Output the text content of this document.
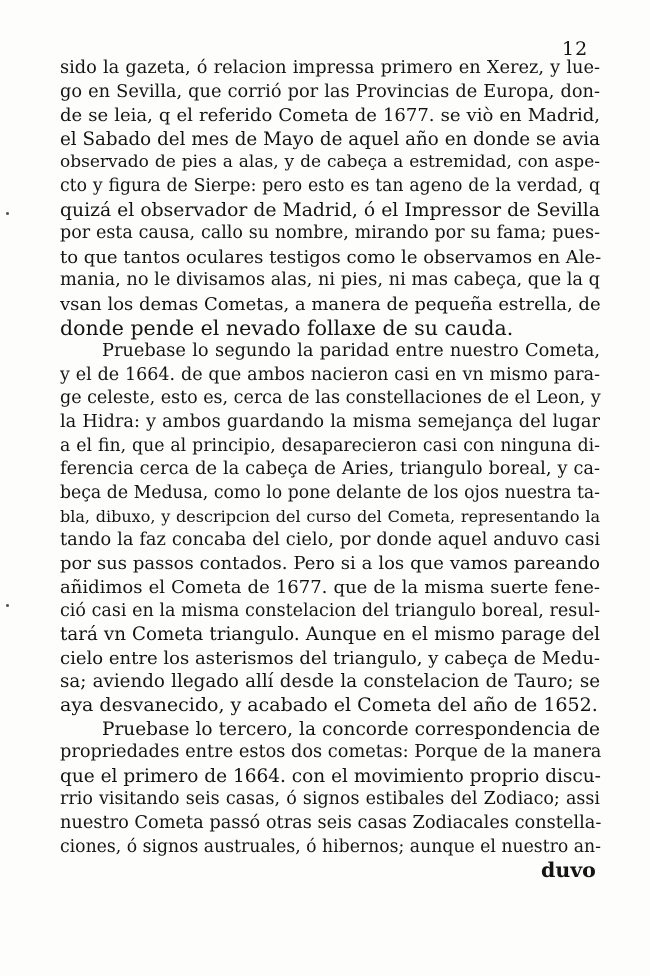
12
sido la gazeta, ó relacion impressa primero en Xerez, y lue-
go en Sevilla, que corrió por las Provincias de Europa, don-
de se leia, q el referido Cometa de 1677. se viò en Madrid,
el Sabado del mes de Mayo de aquel año en donde se avia
observado de pies a alas, y de cabeça a estremidad, con aspe-
cto y figura de Sierpe: pero esto es tan ageno de la verdad, q
quizá el observador de Madrid, ó el Impressor de Sevilla
por esta causa, callo su nombre, mirando por su fama; pues-
to que tantos oculares testigos como le observamos en Ale-
mania, no le divisamos alas, ni pies, ni mas cabeça, que la q
vsan los demas Cometas, a manera de pequeña estrella, de
donde pende el nevado follaxe de su cauda.
Pruebase lo segundo la paridad entre nuestro Cometa,
y el de 1664. de que ambos nacieron casi en vn mismo para-
ge celeste, esto es, cerca de las constellaciones de el Leon, y
la Hidra: y ambos guardando la misma semejança del lugar
a el fin, que al principio, desaparecieron casi con ninguna di-
ferencia cerca de la cabeça de Aries, triangulo boreal, y ca-
beça de Medusa, como lo pone delante de los ojos nuestra ta-
bla, dibuxo, y descripcion del curso del Cometa, representando la
tando la faz concaba del cielo, por donde aquel anduvo casi
por sus passos contados. Pero si a los que vamos pareando
añidimos el Cometa de 1677. que de la misma suerte fene-
ció casi en la misma constelacion del triangulo boreal, resul-
tará vn Cometa triangulo. Aunque en el mismo parage del
cielo entre los asterismos del triangulo, y cabeça de Medu-
sa; aviendo llegado allí desde la constelacion de Tauro; se
aya desvanecido, y acabado el Cometa del año de 1652.
Pruebase lo tercero, la concorde correspondencia de
propriedades entre estos dos cometas: Porque de la manera
que el primero de 1664. con el movimiento proprio discu-
rrio visitando seis casas, ó signos estibales del Zodiaco; assi
nuestro Cometa passó otras seis casas Zodiacales constella-
ciones, ó signos austruales, ó hibernos; aunque el nuestro an-
duvo
